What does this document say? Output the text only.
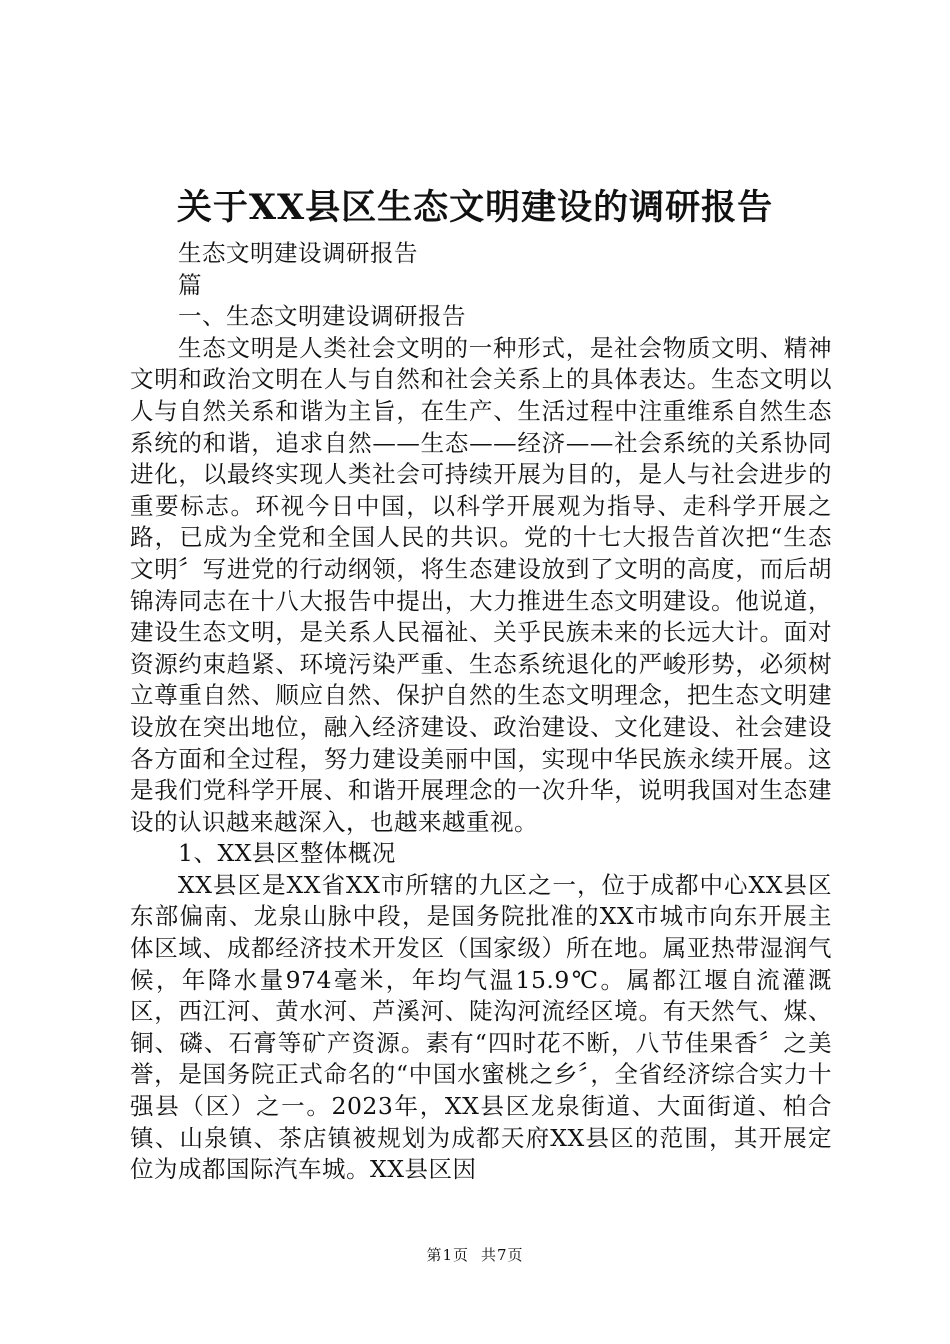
关于XX县区生态文明建设的调研报告

生态文明建设调研报告

篇

一、生态文明建设调研报告

生态文明是人类社会文明的一种形式，是社会物质文明、精神文明和政治文明在人与自然和社会关系上的具体表达。生态文明以人与自然关系和谐为主旨，在生产、生活过程中注重维系自然生态系统的和谐，追求自然——生态——经济——社会系统的关系协同进化，以最终实现人类社会可持续开展为目的，是人与社会进步的重要标志。环视今日中国，以科学开展观为指导、走科学开展之路，已成为全党和全国人民的共识。党的十七大报告首次把“生态文明〞写进党的行动纲领，将生态建设放到了文明的高度，而后胡锦涛同志在十八大报告中提出，大力推进生态文明建设。他说道，建设生态文明，是关系人民福祉、关乎民族未来的长远大计。面对资源约束趋紧、环境污染严重、生态系统退化的严峻形势，必须树立尊重自然、顺应自然、保护自然的生态文明理念，把生态文明建设放在突出地位，融入经济建设、政治建设、文化建设、社会建设各方面和全过程，努力建设美丽中国，实现中华民族永续开展。这是我们党科学开展、和谐开展理念的一次升华，说明我国对生态建设的认识越来越深入，也越来越重视。

1、XX县区整体概况

XX县区是XX省XX市所辖的九区之一，位于成都中心XX县区东部偏南、龙泉山脉中段，是国务院批准的XX市城市向东开展主体区域、成都经济技术开发区（国家级）所在地。属亚热带湿润气候，年降水量974毫米，年均气温15.9℃。属都江堰自流灌溉区，西江河、黄水河、芦溪河、陡沟河流经区境。有天然气、煤、铜、磷、石膏等矿产资源。素有“四时花不断，八节佳果香〞之美誉，是国务院正式命名的“中国水蜜桃之乡〞，全省经济综合实力十强县（区）之一。2023年，XX县区龙泉街道、大面街道、柏合镇、山泉镇、茶店镇被规划为成都天府XX县区的范围，其开展定位为成都国际汽车城。XX县区因

第1页 共7页
